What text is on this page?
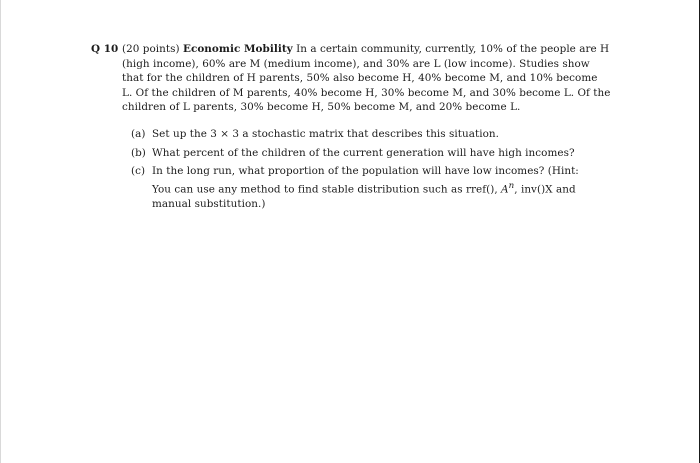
Q 10 (20 points) Economic Mobility In a certain community, currently, 10% of the people are H (high income), 60% are M (medium income), and 30% are L (low income). Studies show that for the children of H parents, 50% also become H, 40% become M, and 10% become L. Of the children of M parents, 40% become H, 30% become M, and 30% become L. Of the children of L parents, 30% become H, 50% become M, and 20% become L.
(a) Set up the 3 × 3 a stochastic matrix that describes this situation.
(b) What percent of the children of the current generation will have high incomes?
(c) In the long run, what proportion of the population will have low incomes? (Hint: You can use any method to find stable distribution such as rref(), $A^n$, inv()X and manual substitution.)
